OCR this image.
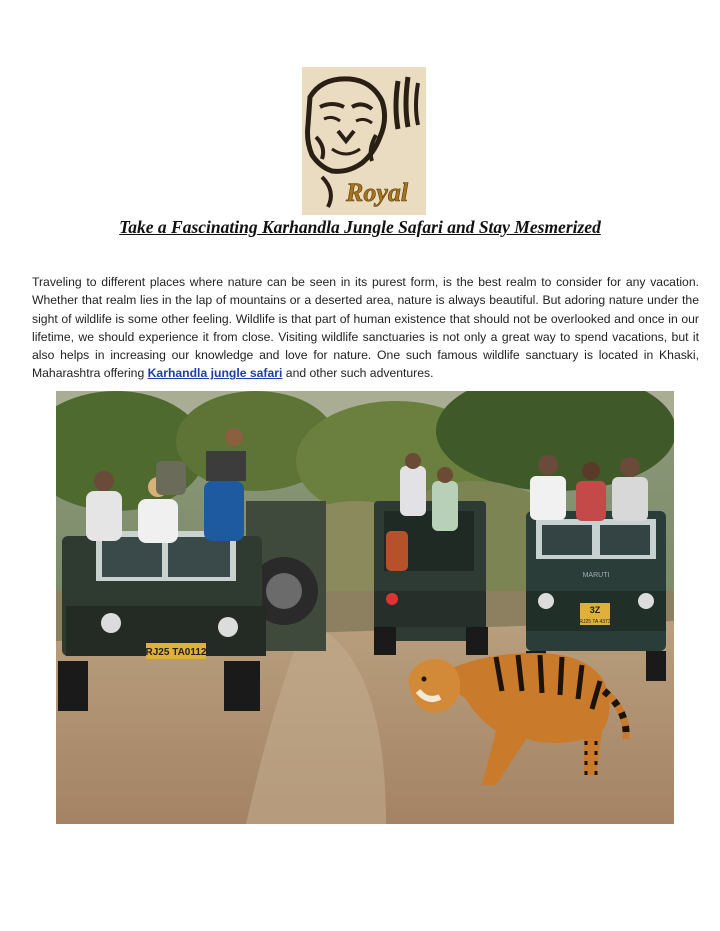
Royal
Take a Fascinating Karhandla Jungle Safari and Stay Mesmerized

Traveling to different places where nature can be seen in its purest form, is the best realm to consider for any vacation. Whether that realm lies in the lap of mountains or a deserted area, nature is always beautiful. But adoring nature under the sight of wildlife is some other feeling. Wildlife is that part of human existence that should not be overlooked and once in our lifetime, we should experience it from close. Visiting wildlife sanctuaries is not only a great way to spend vacations, but it also helps in increasing our knowledge and love for nature. One such famous wildlife sanctuary is located in Khaski, Maharashtra offering Karhandla jungle safari and other such adventures.

RJ25 TA0112
MARUTI
3Z
RJ25 TA 4373
